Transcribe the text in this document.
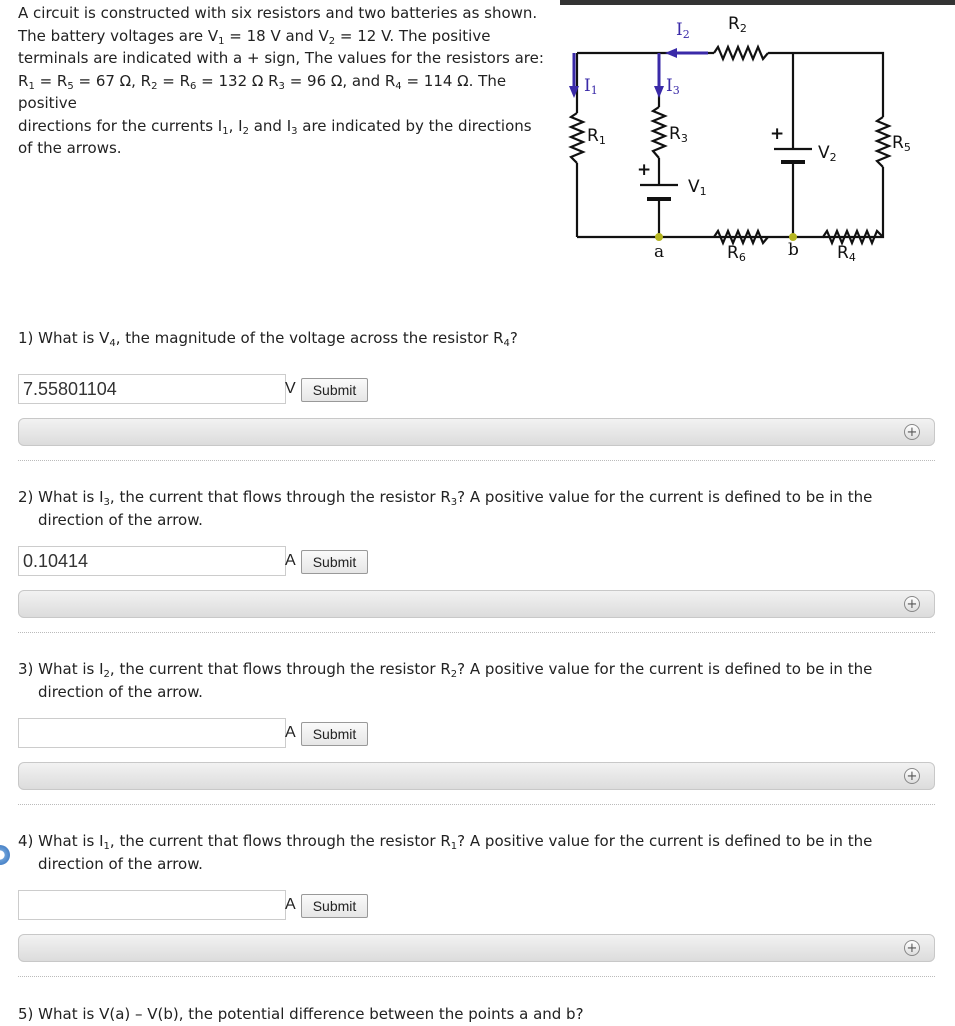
A circuit is constructed with six resistors and two batteries as shown.
The battery voltages are $V_1 = 18$ V and $V_2 = 12$ V. The positive
terminals are indicated with a + sign, The values for the resistors are:
$R_1 = R_5 = 67$ Ω, $R_2 = R_6 = 132$ Ω $R_3 = 96$ Ω, and $R_4 = 114$ Ω. The positive
directions for the currents $I_1$, $I_2$ and $I_3$ are indicated by the directions
of the arrows.
$I_1$	$I_3$
$I_2$
$R_2$
$R_1$	$R_3$	$R_5$
$R_6$	$R_4$
$V_1$
$V_2$
+
+
a	b
1) What is $V_4$, the magnitude of the voltage across the resistor $R_4$?
7.55801104
V	Submit
+
2) What is $I_3$, the current that flows through the resistor $R_3$? A positive value for the current is defined to be in the
direction of the arrow.
0.10414
A	Submit
+
3) What is $I_2$, the current that flows through the resistor $R_2$? A positive value for the current is defined to be in the
direction of the arrow.
A	Submit
+
4) What is $I_1$, the current that flows through the resistor $R_1$? A positive value for the current is defined to be in the
direction of the arrow.
A	Submit
+
5) What is V(a) – V(b), the potential difference between the points a and b?
